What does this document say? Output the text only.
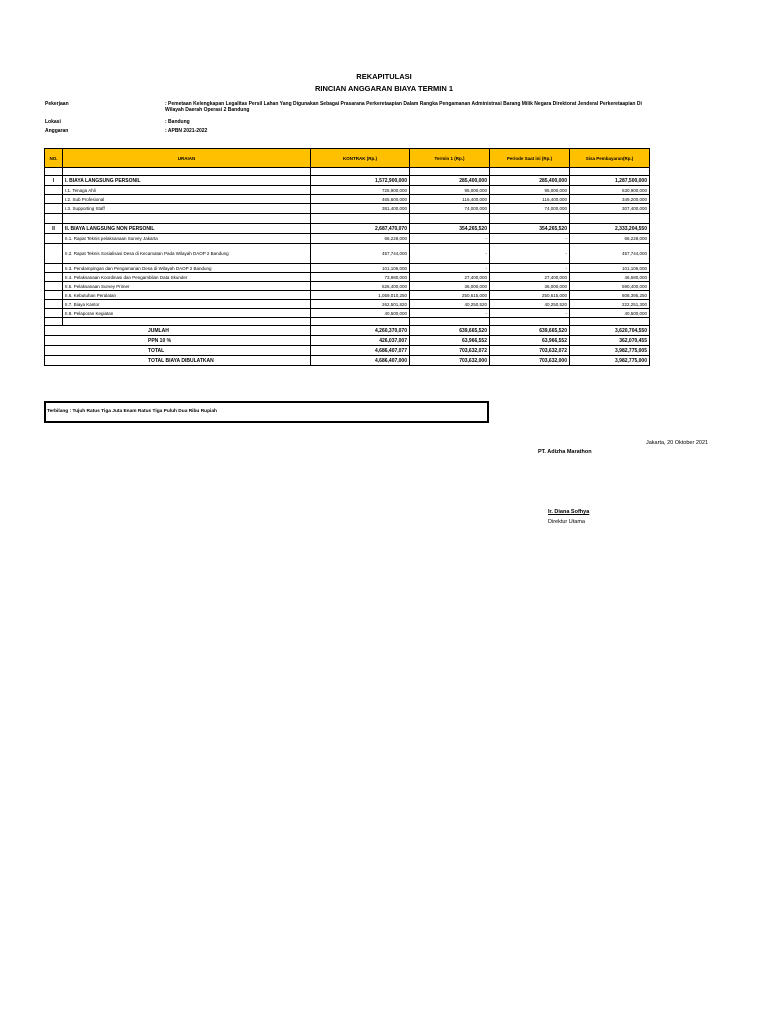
REKAPITULASI
RINCIAN ANGGARAN BIAYA TERMIN 1
Pekerjaan	: Pemetaan Kelengkapan Legalitas Persil Lahan Yang Digunakan Sebagai Prasarana Perkeretaapian Dalam Rangka Pengamanan Administrasi Barang Milik Negara Direktorat Jenderal Perkeretaapian Di Wilayah Daerah Operasi 2 Bandung
Lokasi	: Bandung
Anggaran	: APBN 2021-2022
NO.	URAIAN	KONTRAK (Rp.)	Termin 1 (Rp.)	Periode Saat ini (Rp.)	Sisa Pembayaran(Rp.)

I	I. BIAYA LANGSUNG PERSONIL	1,572,900,000	285,400,000	285,400,000	1,287,500,000
	I.1. Tenaga Ahli	725,900,000	95,000,000	95,000,000	630,900,000
	I.2. Sub Profesional	465,600,000	116,400,000	116,400,000	349,200,000
	I.3. Supporting Staff	381,400,000	74,000,000	74,000,000	307,400,000

II	II. BIAYA LANGSUNG NON PERSONIL	2,687,470,070	354,265,520	354,265,520	2,333,204,550
	II.1. Rapat Teknis pelaksanaan Survey Jakarta	66,228,000	-	-	66,228,000
	II.2. Rapat Teknis Sosialisasi Desa di Kecamatan Pada Wilayah DAOP 2 Bandung	457,744,000	-	-	457,744,000
	II.3. Pendampingan dan Pengamanan Desa di Wilayah DAOP 2 Bandung	101,106,000	-	-	101,106,000
	II.4. Pelaksanaan Koordinasi dan Pengambilan Data Skunder	73,980,000	27,400,000	27,400,000	46,580,000
	II.5. Pelaksanaan Survey Primer	626,400,000	36,000,000	36,000,000	590,400,000
	II.6. Kebutuhan Peralatan	1,059,010,250	250,615,000	250,615,000	808,395,250
	II.7. Biaya Kantor	262,501,820	40,250,520	40,250,520	222,251,300
	II.8. Pelaporan Kegiatan	40,500,000	-	-	40,500,000

JUMLAH		4,260,370,070	639,665,520	639,665,520	3,620,704,550
PPN 10 %		426,037,007	63,966,552	63,966,552	362,070,455
TOTAL		4,686,407,077	703,632,072	703,632,072	3,982,775,005
TOTAL BIAYA DIBULATKAN		4,686,407,000	703,632,000	703,632,000	3,982,775,000
Terbilang : Tujuh Ratus Tiga Juta Enam Ratus Tiga Puluh Dua Ribu Rupiah
Jakarta, 20 Oktober 2021
PT. Adizha Marathon
Ir. Diana Sofhya
Direktur Utama
